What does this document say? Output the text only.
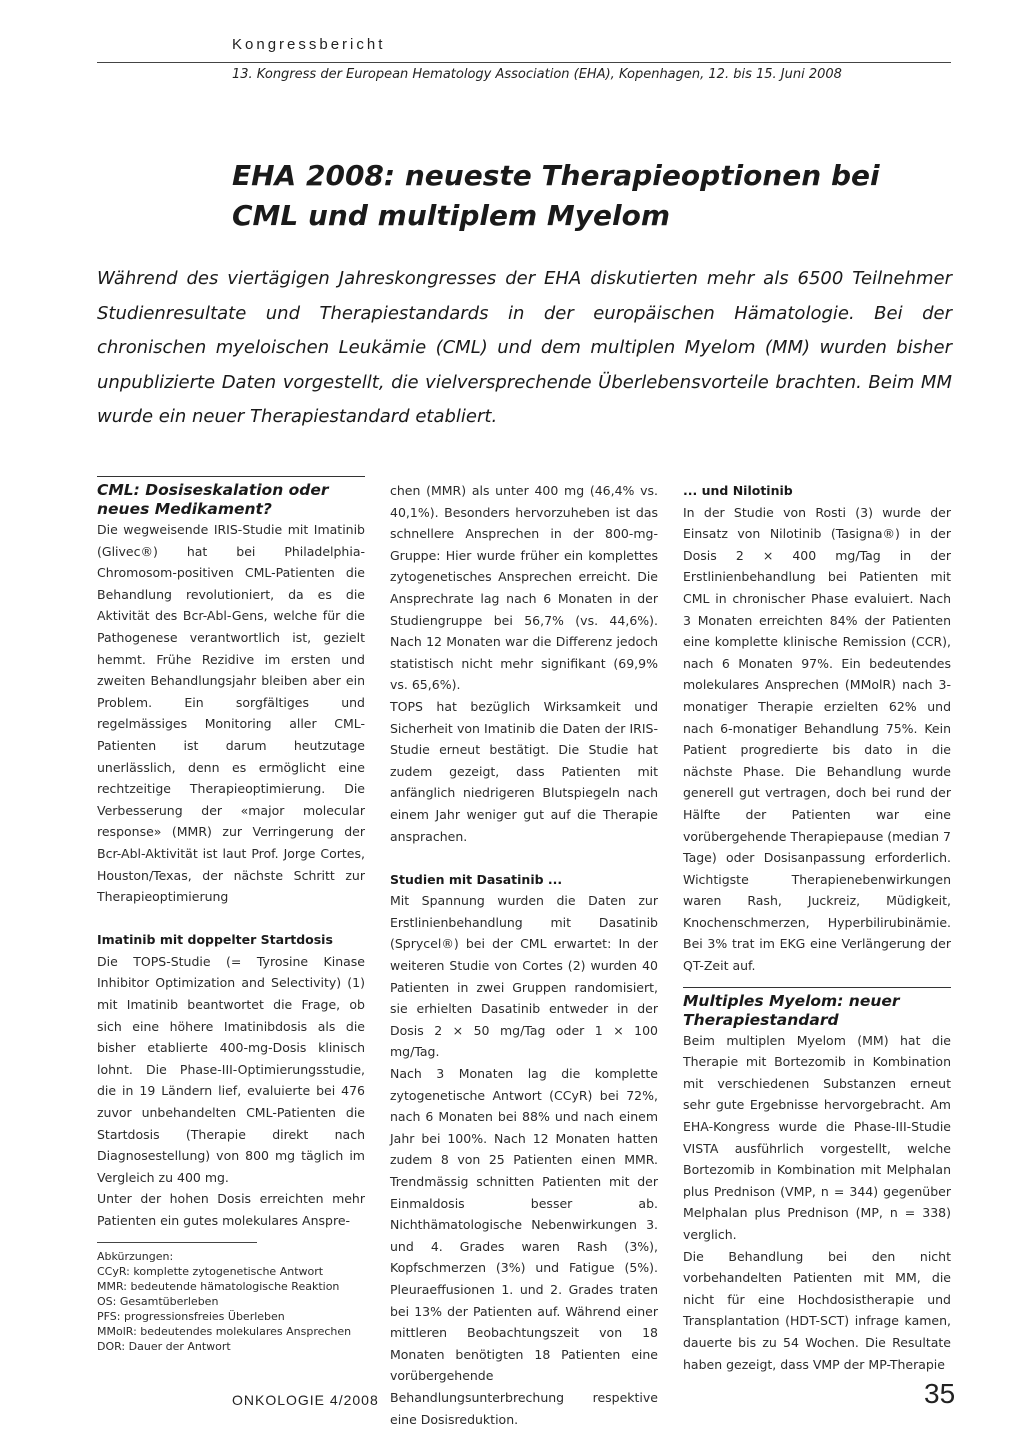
Kongressbericht
13. Kongress der European Hematology Association (EHA), Kopenhagen, 12. bis 15. Juni 2008
EHA 2008: neueste Therapieoptionen bei CML und multiplem Myelom

Während des viertägigen Jahreskongresses der EHA diskutierten mehr als 6500 Teilnehmer Studienresultate und Therapiestandards in der europäischen Hämatologie. Bei der chronischen myeloischen Leukämie (CML) und dem multiplen Myelom (MM) wurden bisher unpublizierte Daten vorgestellt, die vielversprechende Überlebensvorteile brachten. Beim MM wurde ein neuer Therapiestandard etabliert.

CML: Dosiseskalation oder neues Medikament?

Die wegweisende IRIS-Studie mit Imatinib (Glivec®) hat bei Philadelphia-Chromosom-positiven CML-Patienten die Behandlung revolutioniert, da es die Aktivität des Bcr-Abl-Gens, welche für die Pathogenese verantwortlich ist, gezielt hemmt. Frühe Rezidive im ersten und zweiten Behandlungsjahr bleiben aber ein Problem. Ein sorgfältiges und regelmässiges Monitoring aller CML-Patienten ist darum heutzutage unerlässlich, denn es ermöglicht eine rechtzeitige Therapieoptimierung. Die Verbesserung der «major molecular response» (MMR) zur Verringerung der Bcr-Abl-Aktivität ist laut Prof. Jorge Cortes, Houston/Texas, der nächste Schritt zur Therapieoptimierung

Imatinib mit doppelter Startdosis

Die TOPS-Studie (= Tyrosine Kinase Inhibitor Optimization and Selectivity) (1) mit Imatinib beantwortet die Frage, ob sich eine höhere Imatinibdosis als die bisher etablierte 400-mg-Dosis klinisch lohnt. Die Phase-III-Optimierungsstudie, die in 19 Ländern lief, evaluierte bei 476 zuvor unbehandelten CML-Patienten die Startdosis (Therapie direkt nach Diagnosestellung) von 800 mg täglich im Vergleich zu 400 mg.

Unter der hohen Dosis erreichten mehr Patienten ein gutes molekulares Anspre-

Abkürzungen:
CCyR: komplette zytogenetische Antwort
MMR: bedeutende hämatologische Reaktion
OS: Gesamtüberleben
PFS: progressionsfreies Überleben
MMolR: bedeutendes molekulares Ansprechen
DOR: Dauer der Antwort

chen (MMR) als unter 400 mg (46,4% vs. 40,1%). Besonders hervorzuheben ist das schnellere Ansprechen in der 800-mg-Gruppe: Hier wurde früher ein komplettes zytogenetisches Ansprechen erreicht. Die Ansprechrate lag nach 6 Monaten in der Studiengruppe bei 56,7% (vs. 44,6%). Nach 12 Monaten war die Differenz jedoch statistisch nicht mehr signifikant (69,9% vs. 65,6%).

TOPS hat bezüglich Wirksamkeit und Sicherheit von Imatinib die Daten der IRIS-Studie erneut bestätigt. Die Studie hat zudem gezeigt, dass Patienten mit anfänglich niedrigeren Blutspiegeln nach einem Jahr weniger gut auf die Therapie ansprachen.

Studien mit Dasatinib ...

Mit Spannung wurden die Daten zur Erstlinienbehandlung mit Dasatinib (Sprycel®) bei der CML erwartet: In der weiteren Studie von Cortes (2) wurden 40 Patienten in zwei Gruppen randomisiert, sie erhielten Dasatinib entweder in der Dosis 2 × 50 mg/Tag oder 1 × 100 mg/Tag.

Nach 3 Monaten lag die komplette zytogenetische Antwort (CCyR) bei 72%, nach 6 Monaten bei 88% und nach einem Jahr bei 100%. Nach 12 Monaten hatten zudem 8 von 25 Patienten einen MMR. Trendmässig schnitten Patienten mit der Einmaldosis besser ab. Nichthämatologische Nebenwirkungen 3. und 4. Grades waren Rash (3%), Kopfschmerzen (3%) und Fatigue (5%). Pleuraeffusionen 1. und 2. Grades traten bei 13% der Patienten auf. Während einer mittleren Beobachtungszeit von 18 Monaten benötigten 18 Patienten eine vorübergehende Behandlungsunterbrechung respektive eine Dosisreduktion.

... und Nilotinib

In der Studie von Rosti (3) wurde der Einsatz von Nilotinib (Tasigna®) in der Dosis 2 × 400 mg/Tag in der Erstlinienbehandlung bei Patienten mit CML in chronischer Phase evaluiert. Nach 3 Monaten erreichten 84% der Patienten eine komplette klinische Remission (CCR), nach 6 Monaten 97%. Ein bedeutendes molekulares Ansprechen (MMolR) nach 3-monatiger Therapie erzielten 62% und nach 6-monatiger Behandlung 75%. Kein Patient progredierte bis dato in die nächste Phase. Die Behandlung wurde generell gut vertragen, doch bei rund der Hälfte der Patienten war eine vorübergehende Therapiepause (median 7 Tage) oder Dosisanpassung erforderlich. Wichtigste Therapienebenwirkungen waren Rash, Juckreiz, Müdigkeit, Knochenschmerzen, Hyperbilirubinämie. Bei 3% trat im EKG eine Verlängerung der QT-Zeit auf.

Multiples Myelom: neuer Therapiestandard

Beim multiplen Myelom (MM) hat die Therapie mit Bortezomib in Kombination mit verschiedenen Substanzen erneut sehr gute Ergebnisse hervorgebracht. Am EHA-Kongress wurde die Phase-III-Studie VISTA ausführlich vorgestellt, welche Bortezomib in Kombination mit Melphalan plus Prednison (VMP, n = 344) gegenüber Melphalan plus Prednison (MP, n = 338) verglich.

Die Behandlung bei den nicht vorbehandelten Patienten mit MM, die nicht für eine Hochdosistherapie und Transplantation (HDT-SCT) infrage kamen, dauerte bis zu 54 Wochen. Die Resultate haben gezeigt, dass VMP der MP-Therapie

ONKOLOGIE 4/2008	35
